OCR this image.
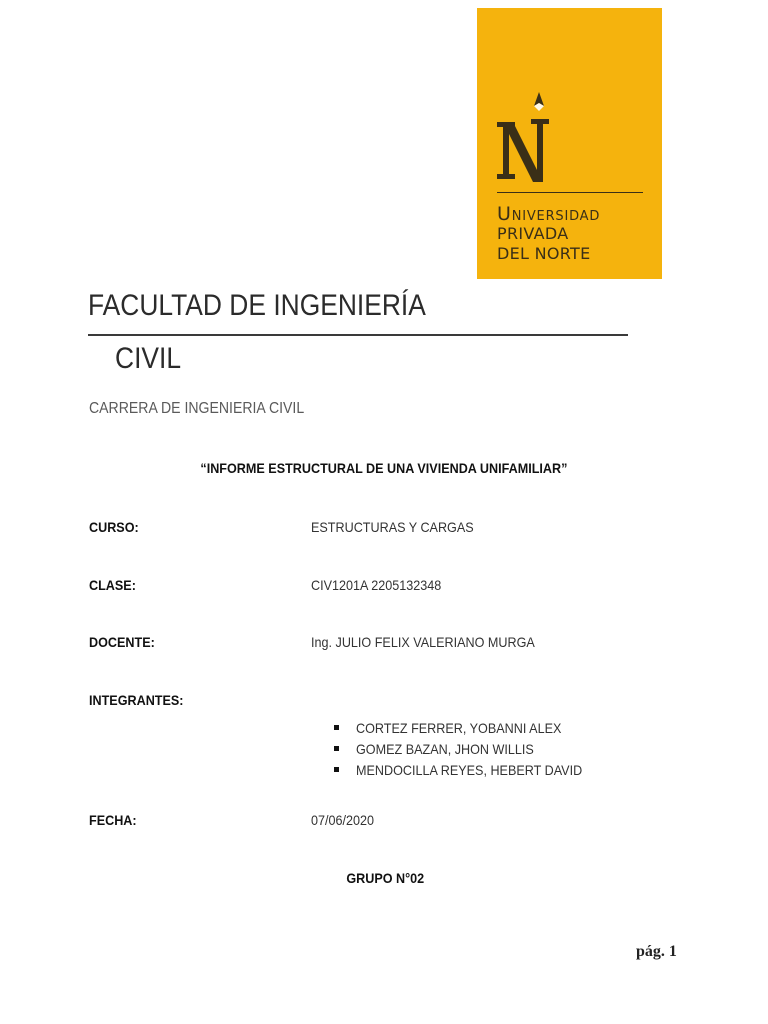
Universidad
PRIVADA
DEL NORTE
FACULTAD DE INGENIERÍA
CIVIL
CARRERA DE INGENIERIA CIVIL
“INFORME ESTRUCTURAL DE UNA VIVIENDA UNIFAMILIAR”
CURSO:	ESTRUCTURAS Y CARGAS
CLASE:	CIV1201A 2205132348
DOCENTE:	Ing. JULIO FELIX VALERIANO MURGA
INTEGRANTES:
CORTEZ FERRER, YOBANNI ALEX
GOMEZ BAZAN, JHON WILLIS
MENDOCILLA REYES, HEBERT DAVID
FECHA:	07/06/2020
GRUPO N°02
pág. 1
